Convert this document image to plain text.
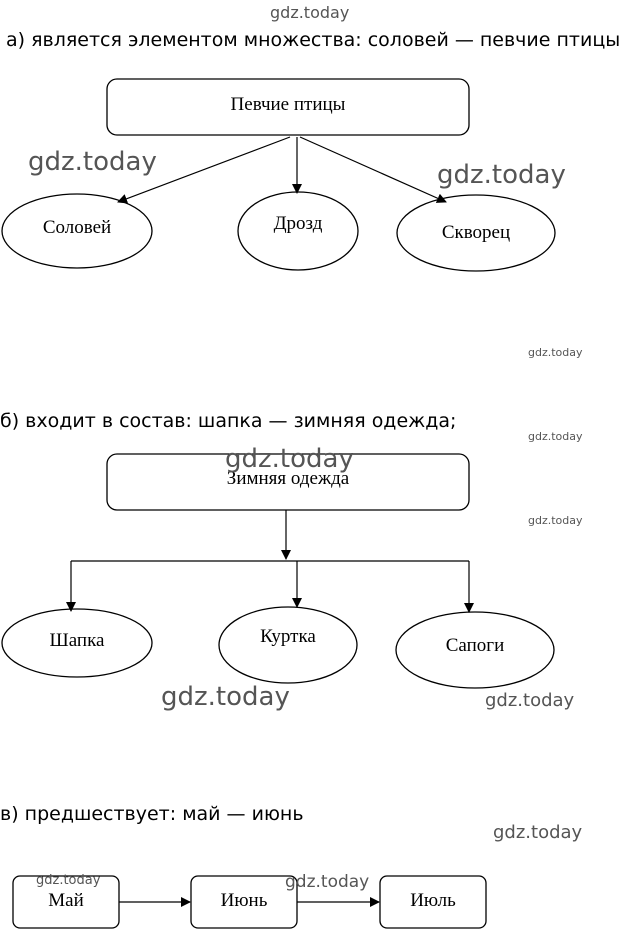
а) является элементом множества: соловей — певчие птицы
Певчие птицы
Соловей	Дрозд	Скворец
б) входит в состав: шапка — зимняя одежда;
Зимняя одежда
Шапка	Куртка	Сапоги
в) предшествует: май — июнь
Май	Июнь	Июль
gdz.today
gdz.today	gdz.today
gdz.today
gdz.today
gdz.today
gdz.today
gdz.today	gdz.today
gdz.today
gdz.today	gdz.today
